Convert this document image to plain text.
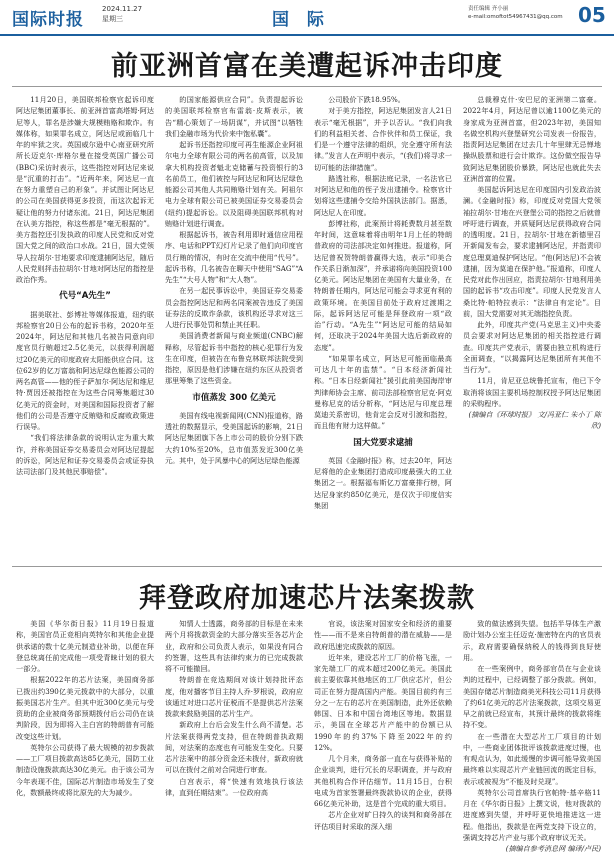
国际时报
2024.11.27
星期三	国 际
责任编辑 齐小丽
e-mail:omoftot54967431@qq.com 05
前亚洲首富在美遭起诉冲击印度

11月20日，美国联邦检察官起诉印度阿达尼集团董事长、前亚洲首富高塔姆·阿达尼等人，罪名是涉嫌大规模贿赂和欺诈。有媒体称，如果罪名成立，阿达尼或面临几十年的牢狱之灾。英国威尔逊中心南亚研究所所长迈克尔·库格尔曼在接受英国广播公司(BBC)采访时表示，这些指控对阿达尼来说是“沉重的打击”。“近两年来，阿达尼一直在努力重塑自己的形象”。并试图让阿达尼的公司在美国获得更多投资，而这次起诉无疑让他的努力付诸东流。21日，阿达尼集团在认美方指控，称这些都是“毫无根据的”。美方指控还引发执政的印度人民党和反对党国大党之间的政治口水战。21日，国大党领导人拉胡尔·甘地要求印度逮捕阿达尼，随后人民党则抨击拉胡尔·甘地对阿达尼的指控是政治作秀。

代号“A先生”

据美联社、彭博社等媒体报道，纽约联邦检察官20日公布的起诉书称，2020年至2024年，阿达尼和其他几名被告同意向印度官员行贿超过2.5亿美元，以获得利润超过20亿美元的印度政府太阳能供应合同。这位62岁的亿万富翁和阿达尼绿色能源公司的两名高管——他的侄子萨加尔·阿达尼和维尼特·贾因还被指控在为这些合同筹集超过30亿美元的资金时，对美国和国际投资者了解他们的公司是否遵守反贿赂和反腐败政策进行误导。

“我们将法律条款的说明认定为重大欺诈，并称美国证券交易委员会对阿达尼提起的诉讼，阿达尼和证券交易委员会或证券执法司法部门及其他民事赔偿”。

的国家能源供应合同”。负责提起诉讼的美国联邦检察官布雷翁·皮斯表示，被告“精心策划了一场阴谋”，并试图“以牺牲我们金融市场为代价来中饱私囊”。

起诉书还指控印度可再生能源企业阿祖尔电力全球有限公司的两名前高管，以及加拿大机构投资者魁北克储蓄与投资银行的3名前员工，他们被控与阿达尼和阿达尼绿色能源公司其他人共同贿赂计划有关。阿祖尔电力全球有限公司已被美国证券交易委员会(纽约)提起诉讼。以及阻碍美国联邦机构对贿赂计划进行调查。

根据起诉书，被告利用即时通信应用程序、电话和PPT幻灯片记录了他们向印度官员行贿的情况，有时在交流中使用“代号”。起诉书称，几名被告在聊天中使用“SAG”“A先生”“大号人物”和“大人物”。

在另一起民事诉讼中，美国证券交易委员会指控阿达尼和两名同案被告违反了美国证券法的反欺诈条款，该机构还寻求对这三人进行民事处罚和禁止其任职。

美国消费者新闻与商业频道(CNBC)解释称，尽管起诉书中指控的核心犯罪行为发生在印度，但被告在布鲁克林联邦法院受到指控，原因是他们涉嫌在纽约东区从投资者那里筹集了这些资金。

市值蒸发 300 亿美元

美国有线电视新闻网(CNN)报道称，路透社的数据显示，受美国起诉的影响，21日阿达尼集团旗下各上市公司的股价分别下跌大约10%至20%，总市值蒸发近300亿美元。其中，处于风暴中心的阿达尼绿色能源

公司股价下跌18.95%。

对于美方指控，阿达尼集团发言人21日表示“毫无根据”，并予以否认。“我们向我们的利益相关者、合作伙伴和员工保证，我们是一个遵守法律的组织，完全遵守所有法律。”发言人在声明中表示，“(我们)将寻求一切可能的法律措施”。

路透社称，根据法庭记录，一名法官已对阿达尼和他的侄子发出逮捕令。检察官计划将这些逮捕令交给外国执法部门。据悉，阿达尼人在印度。

彭博社称，此案预计将耗费数月甚至数年时间，这意味着将由明年1月上任的特朗普政府的司法部决定如何推进。报道称，阿达尼曾祝贺特朗普赢得大选，表示“印美合作关系日渐加深”，并承诺将向美国投资100亿美元。阿达尼集团在美国有大量业务，在特朗普任期内，阿达尼可能会寻求更有利的政策环境。在美国目前处于政府过渡期之际，起诉阿达尼可能是拜登政府一项“政治”行动。“A先生”“阿达尼可能的结局如何，还取决于2024年美国大选后新政府的态度”。

“如果罪名成立，阿达尼可能面临最高可达几十年的监禁”。“日本经济新闻社称。“日本日经新闻社”援引此前美国海岸审判律师协会主席、前司法部检察官尼克·阿克曼称尼克的话分析称，“阿达尼与印度总理莫迪关系密切，他肯定会反对引渡和指控，而且他有财力这样做。”

国大党要求逮捕

英国《金融时报》称，过去20年，阿达尼将他的企业集团打造成印度最强大的工业集团之一。根据福布斯亿万富豪排行榜，阿达尼身家约850亿美元，是仅次于印度信实集团

总裁穆克什·安巴尼的亚洲第二富豪。2022年4月，阿达尼曾以逾1100亿美元的身家成为亚洲首富，但2023年初，美国知名做空机构兴登堡研究公司发表一份报告，指责阿达尼集团在过去几十年里肆无忌惮地操纵股票和进行会计欺诈。这份做空报告导致阿达尼集团股价暴跌，阿达尼也就此失去亚洲首富的位置。

美国起诉阿达尼在印度国内引发政治波澜。《金融时报》称，印度反对党国大党领袖拉胡尔·甘地在兴登堡公司的指控之后就曾呼吁进行调查，并质疑阿达尼获得政府合同的透明度。21日，拉胡尔·甘地在新德里召开新闻发布会，要求逮捕阿达尼，并指责印度总理莫迪保护阿达尼。“他(阿达尼)不会被逮捕，因为莫迪在保护他。”报道称，印度人民党对此作出回应，指责拉胡尔·甘地利用美国的起诉书“攻击印度”。印度人民党发言人桑比特·帕特拉表示：“法律自有定论”。目前，国大党需要对其无端指控负责。

此外，印度共产党(马克思主义)中央委员会要求对阿达尼集团的相关指控进行调查。印度共产党表示，需要由独立机构进行全面调查，“以揭露阿达尼集团所有其他不当行为”。

11月，肯尼亚总统鲁托宣布，他已下令取消将该国主要机场控制权授予阿达尼集团的采购程序。

(摘编自《环球时报》 文/冯亚仁 朱小丁 陈欣)
拜登政府加速芯片法案拨款

美国《华尔街日报》11月19日报道称，美国官员正竞相向英特尔和其他企业提供承诺的数十亿美元制造业补助，以便在拜登总统离任前完成他一项受青睐计划的很大一部分。

根据2022年的芯片法案，美国商务部已拨出约390亿美元拨款中的大部分，以重振美国芯片生产。但其中近300亿美元与受资助的企业被商务部预期拨付后公司仍在谈判阶段，因为即将入主白宫的特朗普有可能改变这些计划。

英特尔公司获得了最大规模的初步拨款——工厂项目拨款高达85亿美元，国防工业制造设施拨款高达30亿美元。由于该公司为今年表现不佳，国际芯片制造市场发生了变化，数额最终或将比原先的大为减少。

知情人士透露，商务部的目标是在未来两个月将拨款资金的大部分落实至各芯片企业，政府和公司负责人表示，如果没有同合约签署，这些具有法律约束力的已完成拨款将不可能撤回。

特朗普在竞选期间对该计划持批评态度，他对播客节目主持人乔·罗根说，政府应该通过对进口芯片征税而不是提供芯片法案拨款来鼓励美国的芯片生产。

新政府上台后会发生什么尚不清楚。芯片法案获得两党支持，但在特朗普执政期间，对法案的态度也有可能发生变化。只要芯片法案中的部分资金还未拨付，新政府就可以在拨付之前对合同进行审查。

白宫表示，将“快速有效地执行该法律，直到任期结束”。一位政府高

官说，该法案对国家安全和经济的重要性——而不是来自特朗普的潜在威胁——是政府迅速完成拨款的原因。

近年来，建设芯片工厂的价格飞涨，一家先端工厂的成本超过200亿美元。美国此前主要依靠其他地区的工厂供应芯片，但公司正在努力提高国内产能。美国目前约有三分之一左右的芯片在美国制造，此外还依赖韩国、日本和中国台湾地区等地。数据显示，美国在全球芯片产能中的份额已从1990年的约37%下降至2022年的约12%。

几个月来，商务部一直在与获得补贴的企业谈判，进行冗长的尽职调查，并与政府其他机构合作评估细节。11月15日，台积电成为首家签署最终拨款协议的企业，获得66亿美元补助，这是首个完成的重大项目。

芯片企业对旷日持久的谈判和商务部在评估项目时采取的深入细

致的做法感到失望。包括半导体生产激励计划办公室主任迈克·施密特在内的官员表示，政府需要确保纳税人的钱得到良好使用。

在一些案例中，商务部官员在与企业谈判的过程中，已经调整了部分拨款。例如，美国存储芯片制造商美光科技公司11月获得了约61亿美元的芯片法案拨款，这项交易更早之前就已经宣布，其预计最终的拨款将维持不变。

在一些潜在大型芯片工厂项目的计划中，一些商业团体批评该拨款进度过慢，也有观点认为，如此缓慢的步调可能导致美国最终难以实现芯片产业链回流的既定目标，表示或被视为“不能及时兑现”。

英特尔公司首席执行官帕特·基辛格11月在《华尔街日报》上撰文说，他对拨款的进度感到失望，并呼吁更快地推进这一进程。他指出，拨款是在两党支持下设立的，强调支持芯片产业与那个政府审议无关。

(摘编自参考消息网 编译/卢民)
